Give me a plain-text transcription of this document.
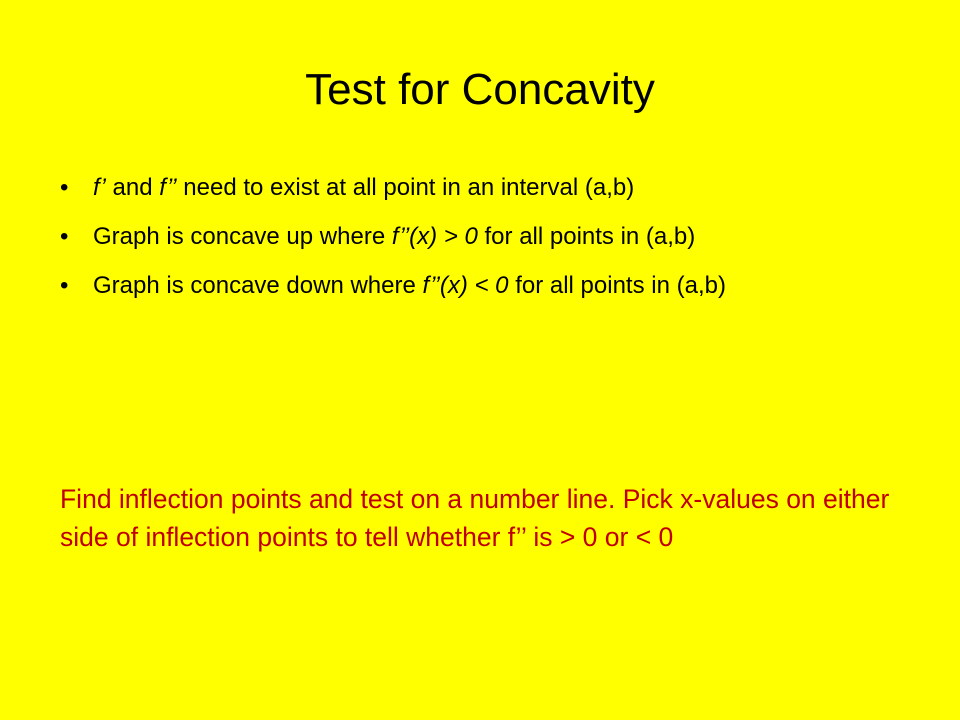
Test for Concavity
• f’ and f’’ need to exist at all point in an interval (a,b)
• Graph is concave up where f’’(x) > 0 for all points in (a,b)
• Graph is concave down where f’’(x) < 0 for all points in (a,b)

Find inflection points and test on a number line. Pick x-values on either side of inflection points to tell whether f’’ is > 0 or < 0
